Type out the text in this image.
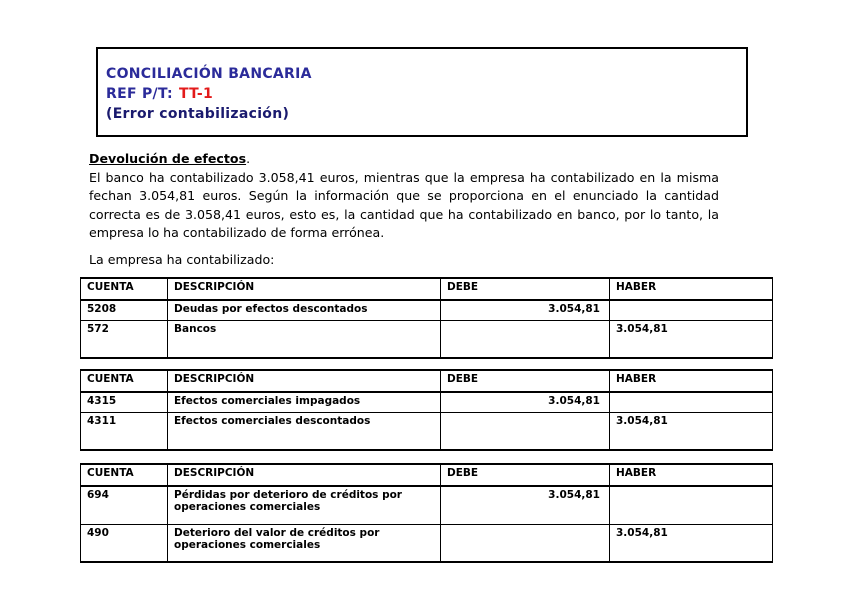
CONCILIACIÓN BANCARIA
REF P/T: TT-1
(Error contabilización)

Devolución de efectos.
El banco ha contabilizado 3.058,41 euros, mientras que la empresa ha contabilizado en la misma fechan 3.054,81 euros. Según la información que se proporciona en el enunciado la cantidad correcta es de 3.058,41 euros, esto es, la cantidad que ha contabilizado en banco, por lo tanto, la empresa lo ha contabilizado de forma errónea.

La empresa ha contabilizado:
CUENTA	DESCRIPCIÓN	DEBE	HABER
5208	Deudas por efectos descontados	3.054,81	
572	Bancos		3.054,81
CUENTA	DESCRIPCIÓN	DEBE	HABER
4315	Efectos comerciales impagados	3.054,81	
4311	Efectos comerciales descontados		3.054,81
CUENTA	DESCRIPCIÓN	DEBE	HABER
694	Pérdidas por deterioro de créditos por operaciones comerciales	3.054,81	
490	Deterioro del valor de créditos por operaciones comerciales		3.054,81
